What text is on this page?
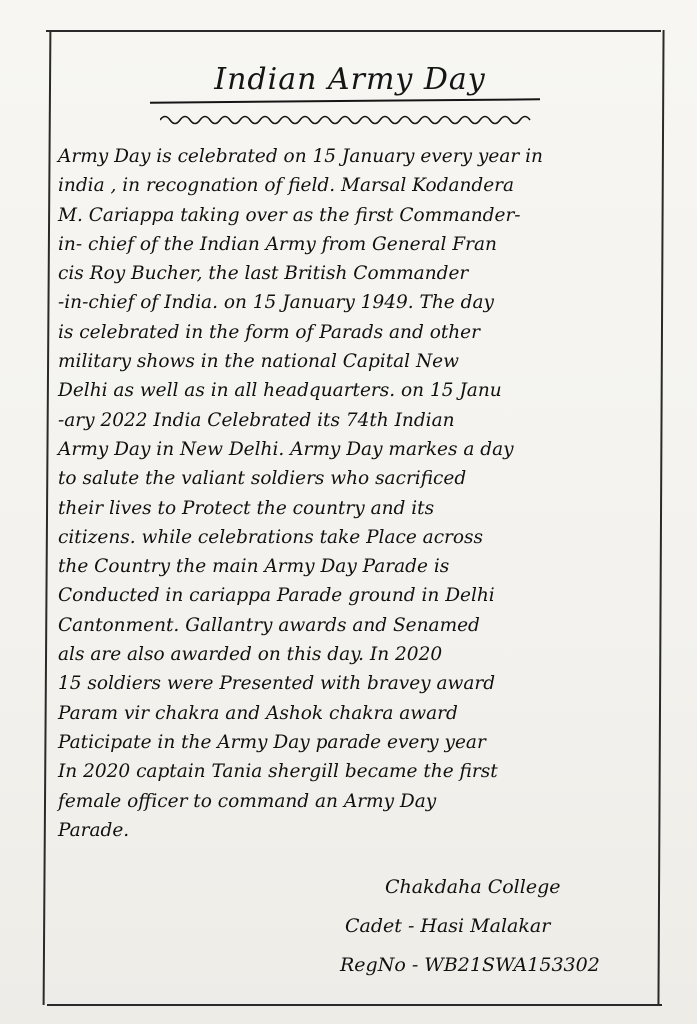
Indian Army Day
Army Day is celebrated on 15 January every year in
india , in recognation of field. Marsal Kodandera
M. Cariappa taking over as the first Commander-
in- chief of the Indian Army from General Fran
cis Roy Bucher, the last British Commander
-in-chief of India. on 15 January 1949. The day
is celebrated in the form of Parads and other
military shows in the national Capital New
Delhi as well as in all headquarters. on 15 Janu
-ary 2022 India Celebrated its 74th Indian
Army Day in New Delhi. Army Day markes a day
to salute the valiant soldiers who sacrificed
their lives to Protect the country and its
citizens. while celebrations take Place across
the Country the main Army Day Parade is
Conducted in cariappa Parade ground in Delhi
Cantonment. Gallantry awards and Senamed
als are also awarded on this day. In 2020
15 soldiers were Presented with bravey award
Param vir chakra and Ashok chakra award
Paticipate in the Army Day parade every year
In 2020 captain Tania shergill became the first
female officer to command an Army Day
Parade.
Chakdaha College
Cadet - Hasi Malakar
RegNo - WB21SWA153302
